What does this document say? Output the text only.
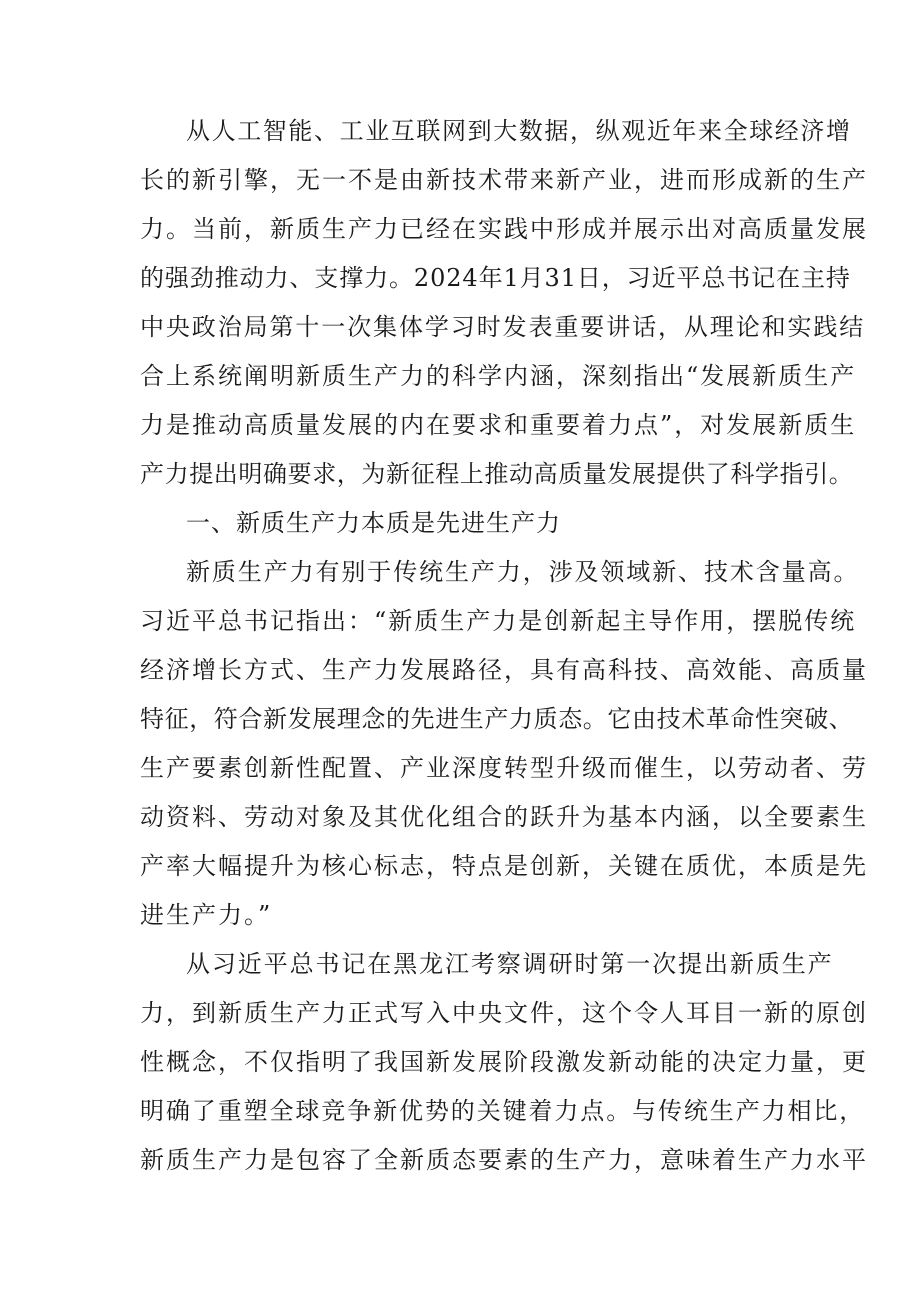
从人工智能、工业互联网到大数据，纵观近年来全球经济增

长的新引擎，无一不是由新技术带来新产业，进而形成新的生产

力。当前，新质生产力已经在实践中形成并展示出对高质量发展

的强劲推动力、支撑力。2024年1月31日，习近平总书记在主持

中央政治局第十一次集体学习时发表重要讲话，从理论和实践结

合上系统阐明新质生产力的科学内涵，深刻指出“发展新质生产

力是推动高质量发展的内在要求和重要着力点”，对发展新质生

产力提出明确要求，为新征程上推动高质量发展提供了科学指引。

一、新质生产力本质是先进生产力

新质生产力有别于传统生产力，涉及领域新、技术含量高。

习近平总书记指出：“新质生产力是创新起主导作用，摆脱传统

经济增长方式、生产力发展路径，具有高科技、高效能、高质量

特征，符合新发展理念的先进生产力质态。它由技术革命性突破、

生产要素创新性配置、产业深度转型升级而催生，以劳动者、劳

动资料、劳动对象及其优化组合的跃升为基本内涵，以全要素生

产率大幅提升为核心标志，特点是创新，关键在质优，本质是先

进生产力。”

从习近平总书记在黑龙江考察调研时第一次提出新质生产

力，到新质生产力正式写入中央文件，这个令人耳目一新的原创

性概念，不仅指明了我国新发展阶段激发新动能的决定力量，更

明确了重塑全球竞争新优势的关键着力点。与传统生产力相比，

新质生产力是包容了全新质态要素的生产力，意味着生产力水平
